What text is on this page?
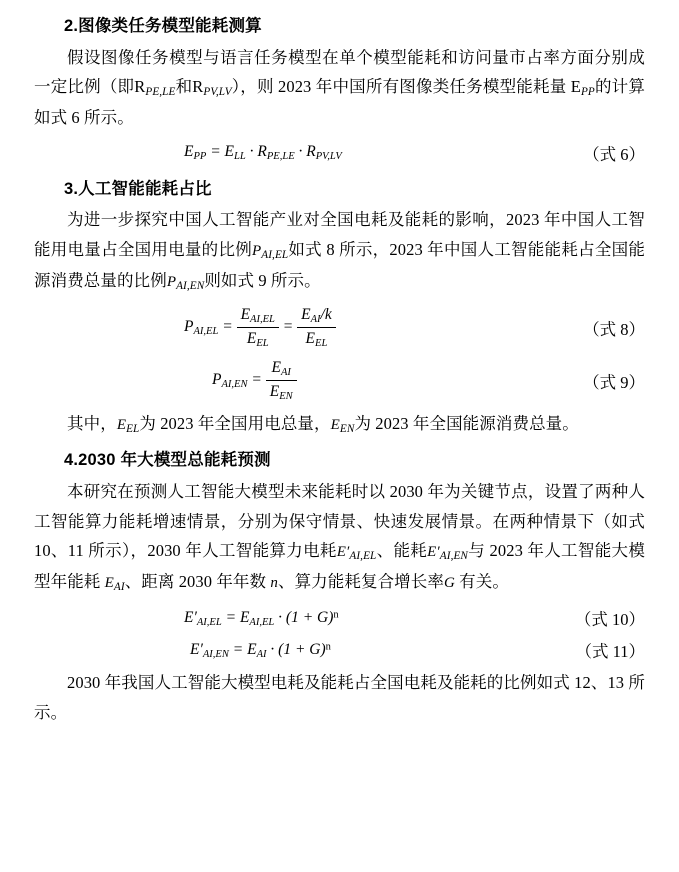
2.图像类任务模型能耗测算

假设图像任务模型与语言任务模型在单个模型能耗和访问量市占率方面分别成一定比例（即$R_{PE,LE}$和$R_{PV,LV}$），则 2023 年中国所有图像类任务模型能耗量 $E_{PP}$的计算如式 6 所示。

$E_{PP} = E_{LL} \cdot R_{PE,LE} \cdot R_{PV,LV}$	（式 6）
3.人工智能能耗占比

为进一步探究中国人工智能产业对全国电耗及能耗的影响，2023 年中国人工智能用电量占全国用电量的比例$P_{AI,EL}$如式 8 所示，2023 年中国人工智能能耗占全国能源消费总量的比例$P_{AI,EN}$则如式 9 所示。

$P_{AI,EL} = \frac{E_{AI,EL}}{E_{EL}} = \frac{E_{AI}/k}{E_{EL}}$	（式 8）
$P_{AI,EN} = \frac{E_{AI}}{E_{EN}}$	（式 9）

其中，$E_{EL}$为 2023 年全国用电总量，$E_{EN}$为 2023 年全国能源消费总量。

4.2030 年大模型总能耗预测

本研究在预测人工智能大模型未来能耗时以 2030 年为关键节点，设置了两种人工智能算力能耗增速情景，分别为保守情景、快速发展情景。在两种情景下（如式 10、11 所示），2030 年人工智能算力电耗$E'_{AI,EL}$、能耗$E'_{AI,EN}$与 2023 年人工智能大模型年能耗 $E_{AI}$、距离 2030 年年数 n、算力能耗复合增长率G 有关。

$E'_{AI,EL} = E_{AI,EL} \cdot (1 + G)^n$	（式 10）
$E'_{AI,EN} = E_{AI} \cdot (1 + G)^n$	（式 11）

2030 年我国人工智能大模型电耗及能耗占全国电耗及能耗的比例如式 12、13 所示。
